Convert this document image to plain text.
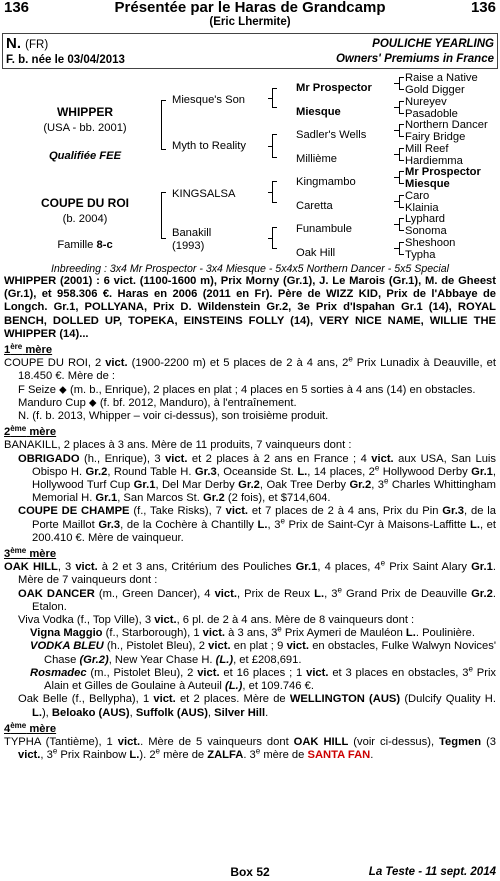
136	Présentée par le Haras de Grandcamp	136
(Eric Lhermite)
N. (FR)
F. b. née le 03/04/2013
POULICHE YEARLING
Owners' Premiums in France
WHIPPER
(USA - bb. 2001)
Qualifiée FEE
COUPE DU ROI
(b. 2004)
Famille 8-c
Miesque's Son
Myth to Reality
KINGSALSA
Banakill
(1993)
Mr Prospector
Miesque
Sadler's Wells
Millième
Kingmambo
Caretta
Funambule
Oak Hill
Raise a Native
Gold Digger
Nureyev
Pasadoble
Northern Dancer
Fairy Bridge
Mill Reef
Hardiemma
Mr Prospector
Miesque
Caro
Klainia
Lyphard
Sonoma
Sheshoon
Typha
Inbreeding : 3x4 Mr Prospector - 3x4 Miesque - 5x4x5 Northern Dancer - 5x5 Special

WHIPPER (2001) : 6 vict. (1100-1600 m), Prix Morny (Gr.1), J. Le Marois (Gr.1), M. de Gheest (Gr.1), et 958.306 €. Haras en 2006 (2011 en Fr). Père de WIZZ KID, Prix de l'Abbaye de Longch. Gr.1, POLLYANA, Prix D. Wildenstein Gr.2, 3e Prix d'Ispahan Gr.1 (14), ROYAL BENCH, DOLLED UP, TOPEKA, EINSTEINS FOLLY (14), VERY NICE NAME, WILLIE THE WHIPPER (14)...

1ère mère

COUPE DU ROI, 2 vict. (1900-2200 m) et 5 places de 2 à 4 ans, 2e Prix Lunadix à Deauville, et 18.450 €. Mère de :

F Seize ⬥ (m. b., Enrique), 2 places en plat ; 4 places en 5 sorties à 4 ans (14) en obstacles.

Manduro Cup ⬥ (f. bf. 2012, Manduro), à l'entraînement.

N. (f. b. 2013, Whipper – voir ci-dessus), son troisième produit.

2ème mère

BANAKILL, 2 places à 3 ans. Mère de 11 produits, 7 vainqueurs dont :

OBRIGADO (h., Enrique), 3 vict. et 2 places à 2 ans en France ; 4 vict. aux USA, San Luis Obispo H. Gr.2, Round Table H. Gr.3, Oceanside St. L., 14 places, 2e Hollywood Derby Gr.1, Hollywood Turf Cup Gr.1, Del Mar Derby Gr.2, Oak Tree Derby Gr.2, 3e Charles Whittingham Memorial H. Gr.1, San Marcos St. Gr.2 (2 fois), et $714,604.

COUPE DE CHAMPE (f., Take Risks), 7 vict. et 7 places de 2 à 4 ans, Prix du Pin Gr.3, de la Porte Maillot Gr.3, de la Cochère à Chantilly L., 3e Prix de Saint-Cyr à Maisons-Laffitte L., et 200.410 €. Mère de vainqueur.

3ème mère

OAK HILL, 3 vict. à 2 et 3 ans, Critérium des Pouliches Gr.1, 4 places, 4e Prix Saint Alary Gr.1. Mère de 7 vainqueurs dont :

OAK DANCER (m., Green Dancer), 4 vict., Prix de Reux L., 3e Grand Prix de Deauville Gr.2. Etalon.

Viva Vodka (f., Top Ville), 3 vict., 6 pl. de 2 à 4 ans. Mère de 8 vainqueurs dont :

Vigna Maggio (f., Starborough), 1 vict. à 3 ans, 3e Prix Aymeri de Mauléon L.. Poulinière.

VODKA BLEU (h., Pistolet Bleu), 2 vict. en plat ; 9 vict. en obstacles, Fulke Walwyn Novices' Chase (Gr.2), New Year Chase H. (L.), et £208,691.

Rosmadec (m., Pistolet Bleu), 2 vict. et 16 places ; 1 vict. et 3 places en obstacles, 3e Prix Alain et Gilles de Goulaine à Auteuil (L.), et 109.746 €.

Oak Belle (f., Bellypha), 1 vict. et 2 places. Mère de WELLINGTON (AUS) (Dulcify Quality H. L.), Beloako (AUS), Suffolk (AUS), Silver Hill.

4ème mère

TYPHA (Tantième), 1 vict.. Mère de 5 vainqueurs dont OAK HILL (voir ci-dessus), Tegmen (3 vict., 3e Prix Rainbow L.). 2e mère de ZALFA. 3e mère de SANTA FAN.

Box 52	La Teste - 11 sept. 2014
